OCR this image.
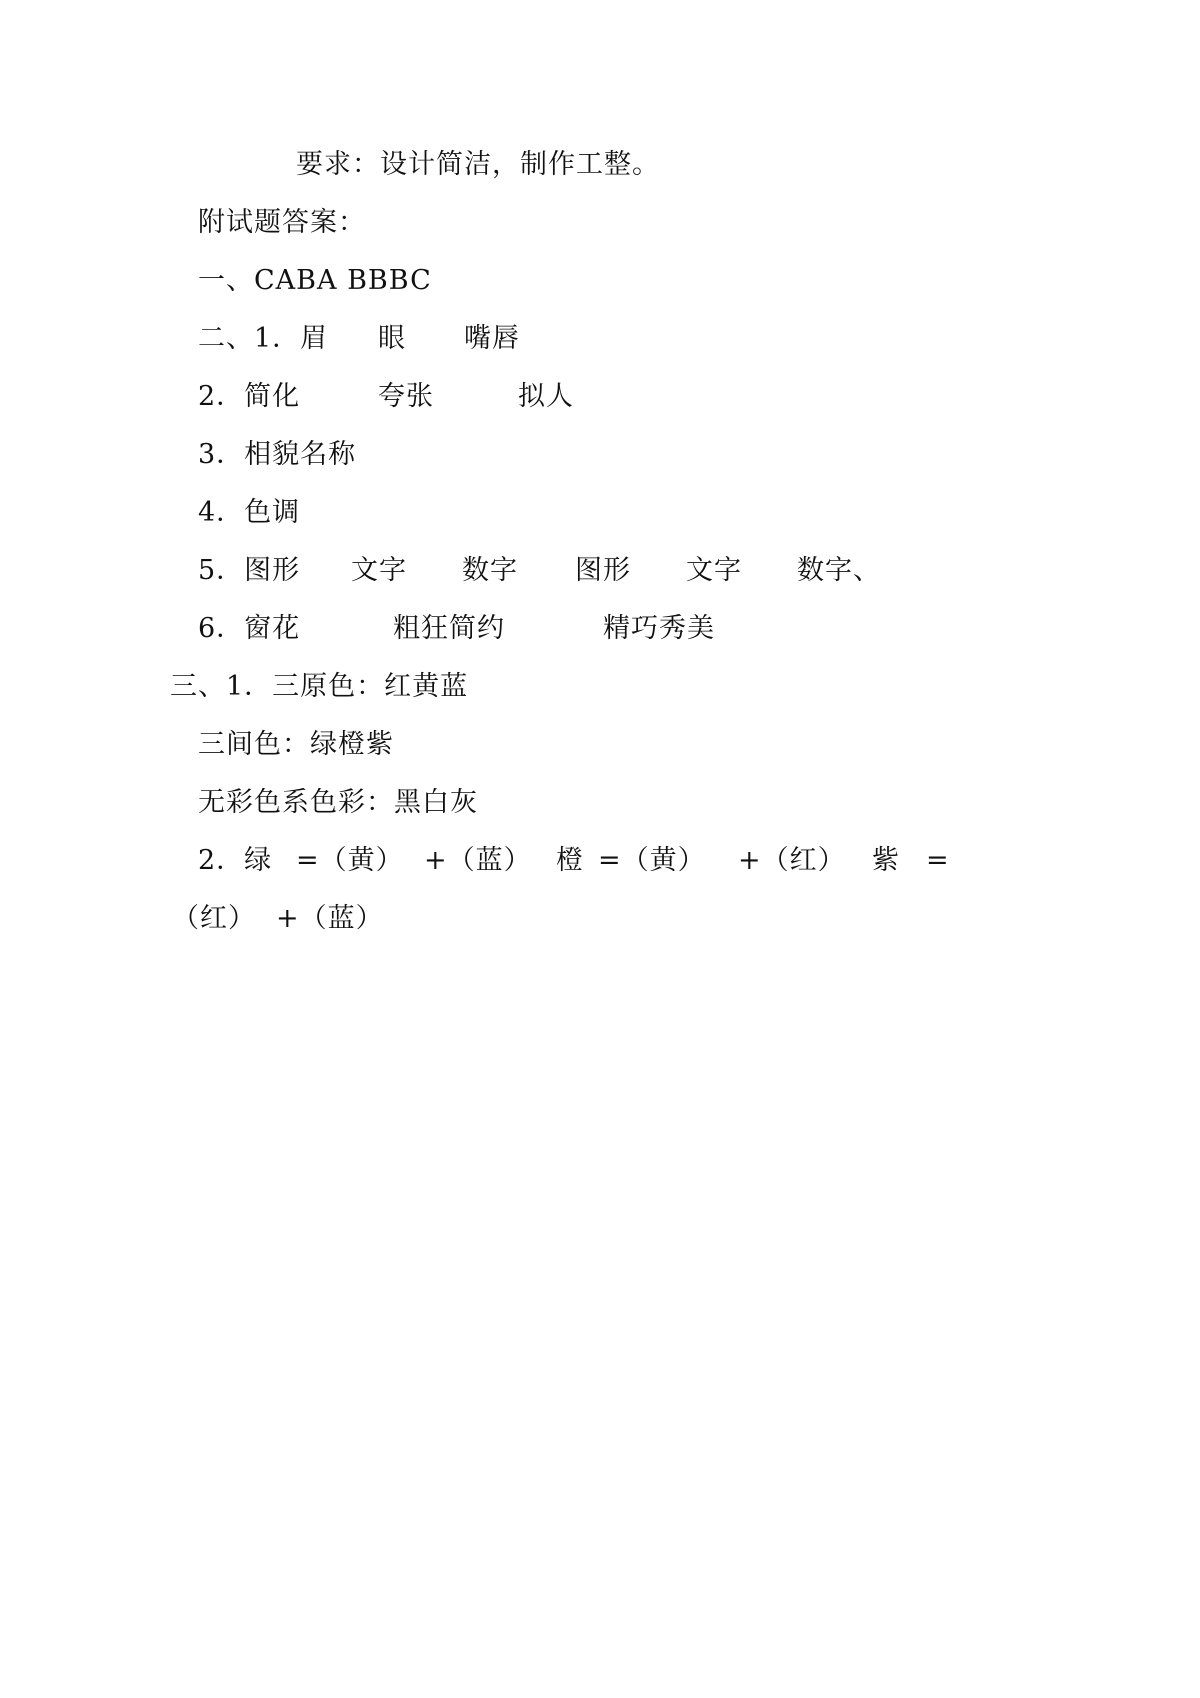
要求：设计简洁，制作工整。
附试题答案：
一、CABA BBBC
二、1．眉 眼 嘴唇
2．简化	夸张	拟人
3．相貌名称
4．色调
5．图形 文字 数字 图形 文字 数字、
6．窗花	粗狂简约	精巧秀美
三、1．三原色：红黄蓝
三间色：绿橙紫
无彩色系色彩：黑白灰
2．绿 =（黄） +（蓝） 橙 =（黄） +（红） 紫 =
（红） +（蓝）
